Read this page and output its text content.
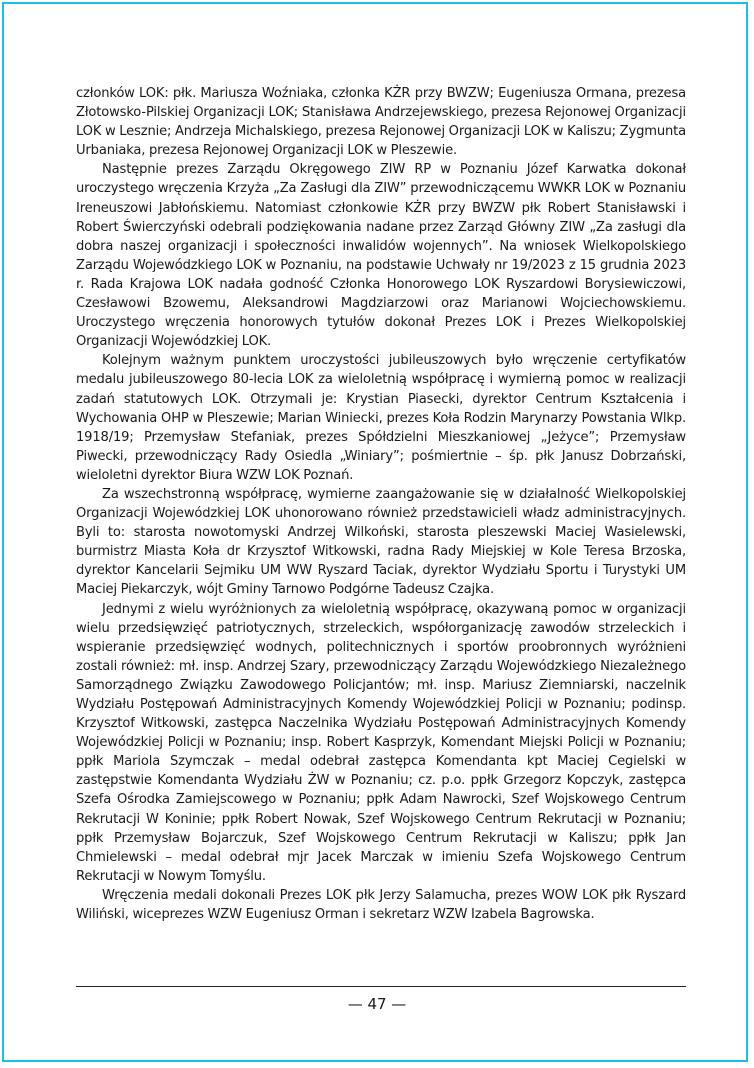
członków LOK: płk. Mariusza Woźniaka, członka KŻR przy BWZW; Eugeniusza Ormana, prezesa Złotowsko-Pilskiej Organizacji LOK; Stanisława Andrzejewskiego, prezesa Rejonowej Organizacji LOK w Lesznie; Andrzeja Michalskiego, prezesa Rejonowej Organizacji LOK w Kaliszu; Zygmunta Urbaniaka, prezesa Rejonowej Organizacji LOK w Pleszewie.

Następnie prezes Zarządu Okręgowego ZIW RP w Poznaniu Józef Karwatka dokonał uroczystego wręczenia Krzyża „Za Zasługi dla ZIW” przewodniczącemu WWKR LOK w Poznaniu Ireneuszowi Jabłońskiemu. Natomiast członkowie KŻR przy BWZW płk Robert Stanisławski i Robert Świerczyński odebrali podziękowania nadane przez Zarząd Główny ZIW „Za zasługi dla dobra naszej organizacji i społeczności inwalidów wojennych”. Na wniosek Wielkopolskiego Zarządu Wojewódzkiego LOK w Poznaniu, na podstawie Uchwały nr 19/2023 z 15 grudnia 2023 r. Rada Krajowa LOK nadała godność Członka Honorowego LOK Ryszardowi Borysiewiczowi, Czesławowi Bzowemu, Aleksandrowi Magdziarzowi oraz Marianowi Wojciechowskiemu. Uroczystego wręczenia honorowych tytułów dokonał Prezes LOK i Prezes Wielkopolskiej Organizacji Wojewódzkiej LOK.

Kolejnym ważnym punktem uroczystości jubileuszowych było wręczenie certyfikatów medalu jubileuszowego 80-lecia LOK za wieloletnią współpracę i wymierną pomoc w realizacji zadań statutowych LOK. Otrzymali je: Krystian Piasecki, dyrektor Centrum Kształcenia i Wychowania OHP w Pleszewie; Marian Winiecki, prezes Koła Rodzin Marynarzy Powstania Wlkp. 1918/19; Przemysław Stefaniak, prezes Spółdzielni Mieszkaniowej „Jeżyce”; Przemysław Piwecki, przewodniczący Rady Osiedla „Winiary”; pośmiertnie – śp. płk Janusz Dobrzański, wieloletni dyrektor Biura WZW LOK Poznań.

Za wszechstronną współpracę, wymierne zaangażowanie się w działalność Wielkopolskiej Organizacji Wojewódzkiej LOK uhonorowano również przedstawicieli władz administracyjnych. Byli to: starosta nowotomyski Andrzej Wilkoński, starosta pleszewski Maciej Wasielewski, burmistrz Miasta Koła dr Krzysztof Witkowski, radna Rady Miejskiej w Kole Teresa Brzoska, dyrektor Kancelarii Sejmiku UM WW Ryszard Taciak, dyrektor Wydziału Sportu i Turystyki UM Maciej Piekarczyk, wójt Gminy Tarnowo Podgórne Tadeusz Czajka.

Jednymi z wielu wyróżnionych za wieloletnią współpracę, okazywaną pomoc w organizacji wielu przedsięwzięć patriotycznych, strzeleckich, współorganizację zawodów strzeleckich i wspieranie przedsięwzięć wodnych, politechnicznych i sportów proobronnych wyróżnieni zostali również: mł. insp. Andrzej Szary, przewodniczący Zarządu Wojewódzkiego Niezależnego Samorządnego Związku Zawodowego Policjantów; mł. insp. Mariusz Ziemniarski, naczelnik Wydziału Postępowań Administracyjnych Komendy Wojewódzkiej Policji w Poznaniu; podinsp. Krzysztof Witkowski, zastępca Naczelnika Wydziału Postępowań Administracyjnych Komendy Wojewódzkiej Policji w Poznaniu; insp. Robert Kasprzyk, Komendant Miejski Policji w Poznaniu; ppłk Mariola Szymczak – medal odebrał zastępca Komendanta kpt Maciej Cegielski w zastępstwie Komendanta Wydziału ŻW w Poznaniu; cz. p.o. ppłk Grzegorz Kopczyk, zastępca Szefa Ośrodka Zamiejscowego w Poznaniu; ppłk Adam Nawrocki, Szef Wojskowego Centrum Rekrutacji W Koninie; ppłk Robert Nowak, Szef Wojskowego Centrum Rekrutacji w Poznaniu; ppłk Przemysław Bojarczuk, Szef Wojskowego Centrum Rekrutacji w Kaliszu; ppłk Jan Chmielewski – medal odebrał mjr Jacek Marczak w imieniu Szefa Wojskowego Centrum Rekrutacji w Nowym Tomyślu.

Wręczenia medali dokonali Prezes LOK płk Jerzy Salamucha, prezes WOW LOK płk Ryszard Wiliński, wiceprezes WZW Eugeniusz Orman i sekretarz WZW Izabela Bagrowska.

— 47 —
